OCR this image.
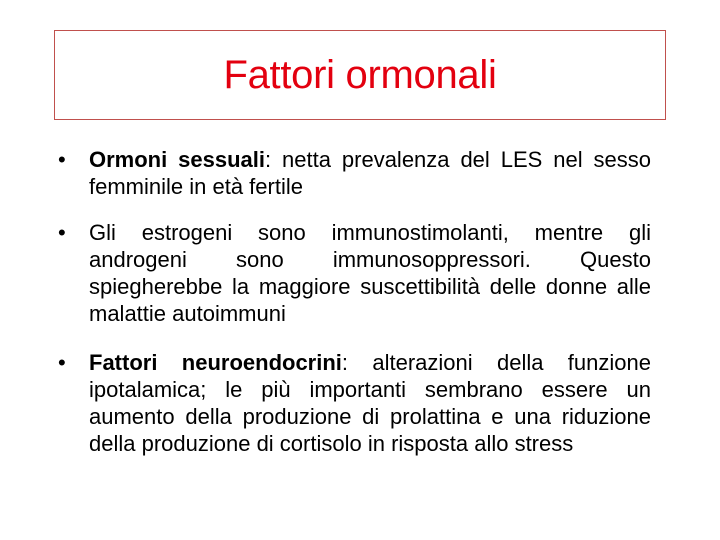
Fattori ormonali
• Ormoni sessuali: netta prevalenza del LES nel sesso femminile in età fertile
• Gli estrogeni sono immunostimolanti, mentre gli androgeni sono immunosoppressori. Questo spiegherebbe la maggiore suscettibilità delle donne alle malattie autoimmuni
• Fattori neuroendocrini: alterazioni della funzione ipotalamica; le più importanti sembrano essere un aumento della produzione di prolattina e una riduzione della produzione di cortisolo in risposta allo stress
